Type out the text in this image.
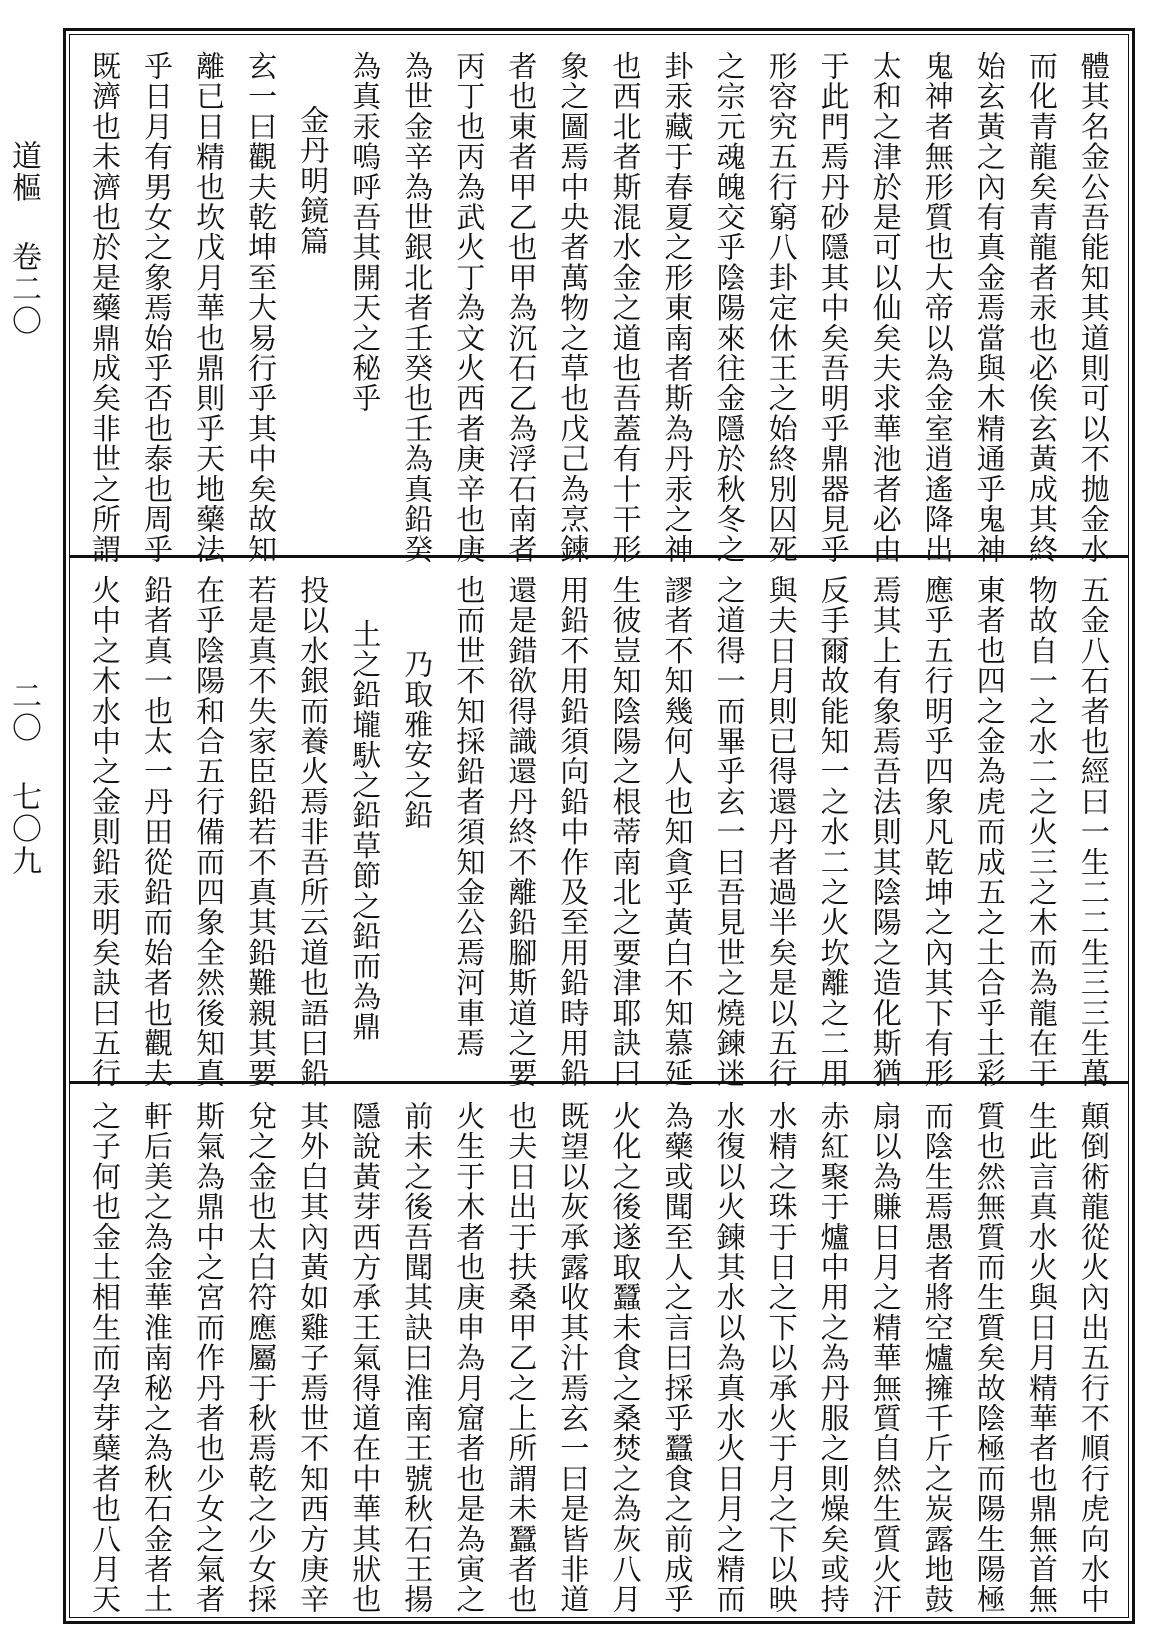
道樞 卷二〇
二〇 七〇九
體其名金公吾能知其道則可以不拋金水
而化青龍矣青龍者汞也必俟玄黃成其終
始玄黃之內有真金焉當與木精通乎鬼神
鬼神者無形質也大帝以為金室逍遙降出
太和之津於是可以仙矣夫求華池者必由
于此門焉丹砂隱其中矣吾明乎鼎器見乎
形容究五行窮八卦定休王之始終別囚死
之宗元魂魄交乎陰陽來往金隱於秋冬之
卦汞藏于春夏之形東南者斯為丹汞之神
也西北者斯混水金之道也吾蓋有十干形
象之圖焉中央者萬物之草也戊己為烹鍊
者也東者甲乙也甲為沉石乙為浮石南者
丙丁也丙為武火丁為文火西者庚辛也庚
為世金辛為世銀北者壬癸也壬為真鉛癸
為真汞嗚呼吾其開天之秘乎
金丹明鏡篇
玄一曰觀夫乾坤至大易行乎其中矣故知
離已日精也坎戊月華也鼎則乎天地藥法
乎日月有男女之象焉始乎否也泰也周乎
既濟也未濟也於是藥鼎成矣非世之所謂
五金八石者也經曰一生二二生三三生萬
物故自一之水二之火三之木而為龍在于
東者也四之金為虎而成五之土合乎土彩
應乎五行明乎四象凡乾坤之內其下有形
焉其上有象焉吾法則其陰陽之造化斯猶
反手爾故能知一之水二之火坎離之二用
與夫日月則已得還丹者過半矣是以五行
之道得一而畢乎玄一曰吾見世之燒鍊迷
謬者不知幾何人也知貪乎黃白不知慕延
生彼豈知陰陽之根蒂南北之要津耶訣曰
用鉛不用鉛須向鉛中作及至用鉛時用鉛
還是錯欲得識還丹終不離鉛腳斯道之要
也而世不知採鉛者須知金公焉河車焉
乃取雅安之鉛
土之鉛壠馱之鉛草節之鉛而為鼎
投以水銀而養火焉非吾所云道也語曰鉛
若是真不失家臣鉛若不真其鉛難親其要
在乎陰陽和合五行備而四象全然後知真
鉛者真一也太一丹田從鉛而始者也觀夫
火中之木水中之金則鉛汞明矣訣曰五行
顛倒術龍從火內出五行不順行虎向水中
生此言真水火與日月精華者也鼎無首無
質也然無質而生質矣故陰極而陽生陽極
而陰生焉愚者將空爐擁千斤之炭露地鼓
扇以為賺日月之精華無質自然生質火汗
赤紅聚于爐中用之為丹服之則燥矣或持
水精之珠于日之下以承火于月之下以映
水復以火鍊其水以為真水火日月之精而
為藥或聞至人之言曰採乎蠶食之前成乎
火化之後遂取蠶未食之桑焚之為灰八月
既望以灰承露收其汁焉玄一曰是皆非道
也夫日出于扶桑甲乙之上所謂未蠶者也
火生于木者也庚申為月窟者也是為寅之
前未之後吾聞其訣曰淮南王號秋石王揚
隱說黃芽西方承王氣得道在中華其狀也
其外白其內黃如雞子焉世不知西方庚辛
兌之金也太白符應屬于秋焉乾之少女採
斯氣為鼎中之宮而作丹者也少女之氣者
軒后美之為金華淮南秘之為秋石金者土
之子何也金土相生而孕芽蘖者也八月天
